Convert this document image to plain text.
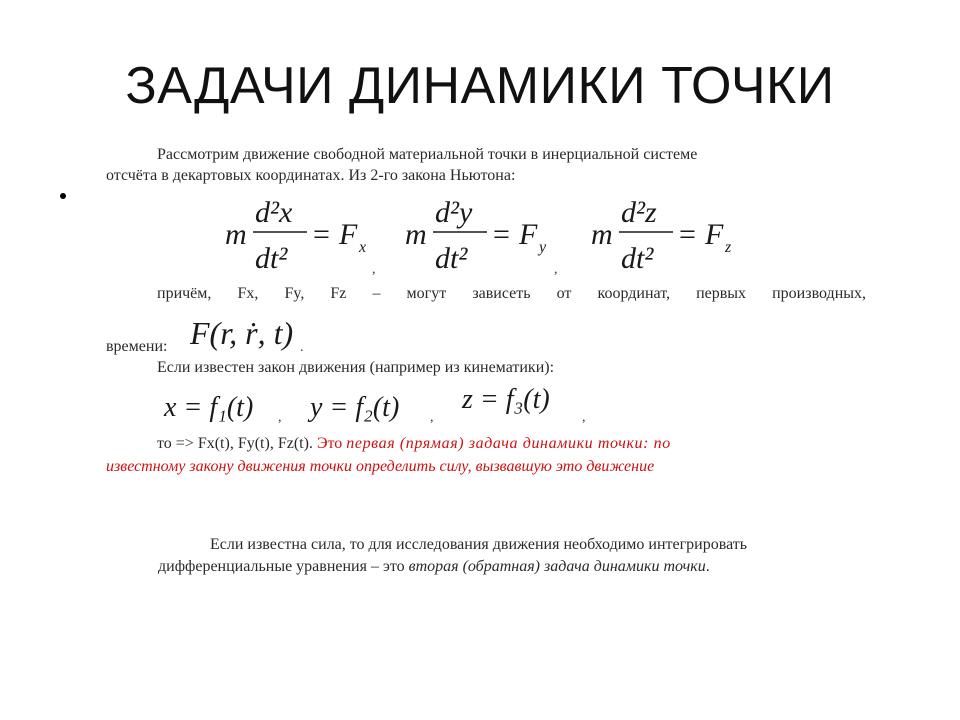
ЗАДАЧИ ДИНАМИКИ ТОЧКИ
Рассмотрим движение свободной материальной точки в инерциальной системе
отсчёта в декартовых координатах. Из 2-го закона Ньютона:
m
d²x
dt²
= F x m
d²y
dt²
= F y m
d²z
dt²
= F z
,	,
причём, Fx, Fy, Fz – могут зависеть от координат, первых производных,
времени: F(r, ṙ, t) .
Если известен закон движения (например из кинематики):
x = f₁(t) y = f₂(t) z = f₃(t)
,	,	,
то => Fx(t), Fy(t), Fz(t). Это первая (прямая) задача динамики точки: по
известному закону движения точки определить силу, вызвавшую это движение
Если известна сила, то для исследования движения необходимо интегрировать
дифференциальные уравнения – это вторая (обратная) задача динамики точки.
